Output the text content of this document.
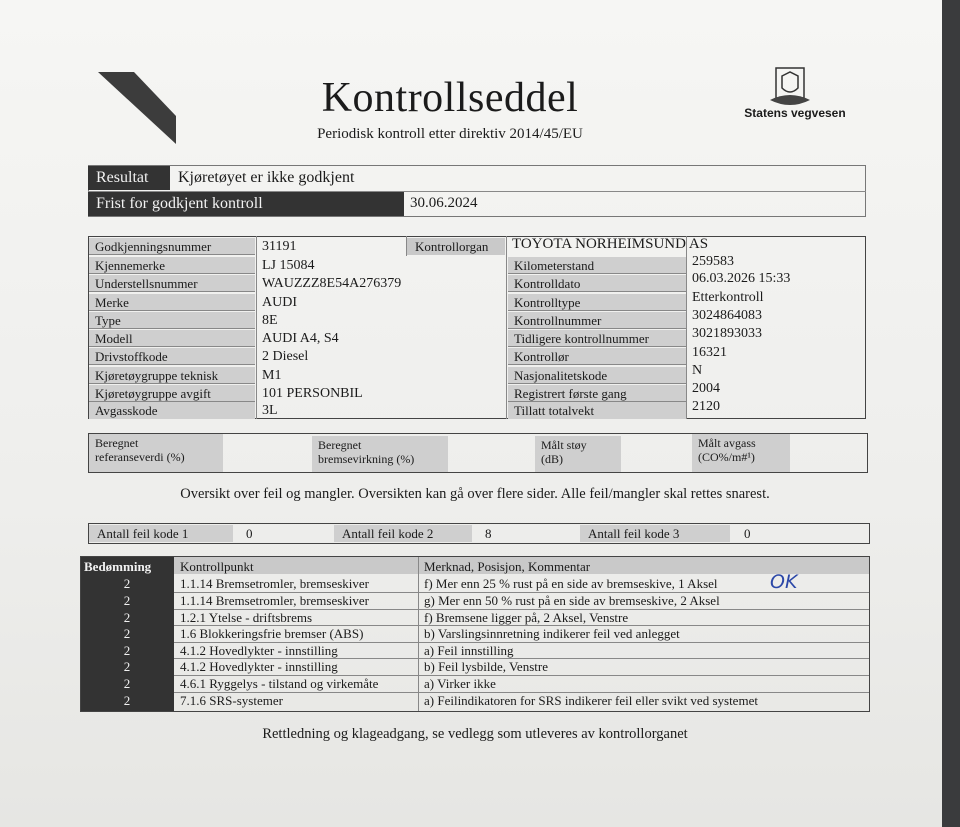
Kontrollseddel
Periodisk kontroll etter direktiv 2014/45/EU
Statens vegvesen
Resultat	Kjøretøyet er ikke godkjent
Frist for godkjent kontroll	30.06.2024
Godkjenningsnummer	31191
Kjennemerke	LJ 15084
Understellsnummer	WAUZZZ8E54A276379
Merke	AUDI
Type	8E
Modell	AUDI A4, S4
Drivstoffkode	2 Diesel
Kjøretøygruppe teknisk	M1
Kjøretøygruppe avgift	101 PERSONBIL
Avgasskode	3L
Kontrollorgan	TOYOTA NORHEIMSUND AS
Kilometerstand	259583
Kontrolldato	06.03.2026 15:33
Kontrolltype	Etterkontroll
Kontrollnummer	3024864083
Tidligere kontrollnummer	3021893033
Kontrollør	16321
Nasjonalitetskode	N
Registrert første gang	2004
Tillatt totalvekt	2120
Beregnet
referanseverdi (%)
Beregnet
bremsevirkning (%)
Målt støy
(dB)
Målt avgass
(CO%/m#¹)
Oversikt over feil og mangler. Oversikten kan gå over flere sider. Alle feil/mangler skal rettes snarest.
Antall feil kode 1	0	Antall feil kode 2	8	Antall feil kode 3	0
Bedømming	Kontrollpunkt	Merknad, Posisjon, Kommentar
2	1.1.14 Bremsetromler, bremseskiver	f) Mer enn 25 % rust på en side av bremseskive, 1 Aksel
2	1.1.14 Bremsetromler, bremseskiver	g) Mer enn 50 % rust på en side av bremseskive, 2 Aksel
2	1.2.1 Ytelse - driftsbrems	f) Bremsene ligger på, 2 Aksel, Venstre
2	1.6 Blokkeringsfrie bremser (ABS)	b) Varslingsinnretning indikerer feil ved anlegget
2	4.1.2 Hovedlykter - innstilling	a) Feil innstilling
2	4.1.2 Hovedlykter - innstilling	b) Feil lysbilde, Venstre
2	4.6.1 Ryggelys - tilstand og virkemåte	a) Virker ikke
2	7.1.6 SRS-systemer	a) Feilindikatoren for SRS indikerer feil eller svikt ved systemet
OK
Rettledning og klageadgang, se vedlegg som utleveres av kontrollorganet
